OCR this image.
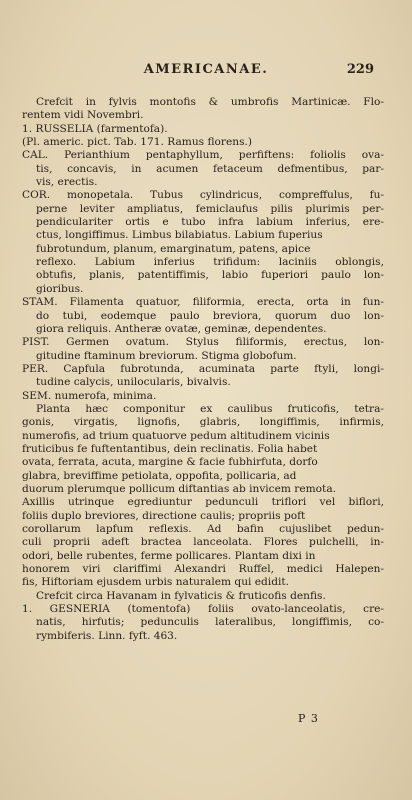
AMERICANAE.	229

Crefcit in fylvis montofis & umbrofis Martinicæ. Flo-

rentem vidi Novembri.

1. RUSSELIA (farmentofa).

(Pl. americ. pict. Tab. 171. Ramus florens.)

CAL. Perianthium pentaphyllum, perfiftens: foliolis ova-

tis, concavis, in acumen fetaceum defmentibus, par-

vis, erectis.

COR. monopetala. Tubus cylindricus, compreffulus, fu-

perne leviter ampliatus, femiclaufus pilis plurimis per-

pendiculariter ortis e tubo infra labium inferius, ere-

ctus, longiffimus. Limbus bilabiatus. Labium fuperius

fubrotundum, planum, emarginatum, patens, apice

reflexo. Labium inferius trifidum: laciniis oblongis,

obtufis, planis, patentiffimis, labio fuperiori paulo lon-

gioribus.

STAM. Filamenta quatuor, filiformia, erecta, orta in fun-

do tubi, eodemque paulo breviora, quorum duo lon-

giora reliquis. Antheræ ovatæ, geminæ, dependentes.

PIST. Germen ovatum. Stylus filiformis, erectus, lon-

gitudine ftaminum breviorum. Stigma globofum.

PER. Capfula fubrotunda, acuminata parte ftyli, longi-

tudine calycis, unilocularis, bivalvis.

SEM. numerofa, minima.

Planta hæc componitur ex caulibus fruticofis, tetra-

gonis, virgatis, lignofis, glabris, longiffimis, infirmis,

numerofis, ad trium quatuorve pedum altitudinem vicinis

fruticibus fe fuftentantibus, dein reclinatis. Folia habet

ovata, ferrata, acuta, margine & facie fubhirfuta, dorfo

glabra, breviffime petiolata, oppofita, pollicaria, ad

duorum plerumque pollicum diftantias ab invicem remota.

Axillis utrinque egrediuntur pedunculi triflori vel biflori,

foliis duplo breviores, directione caulis; propriis poft

corollarum lapfum reflexis. Ad bafin cujuslibet pedun-

culi proprii adeft bractea lanceolata. Flores pulchelli, in-

odori, belle rubentes, ferme pollicares. Plantam dixi in

honorem viri clariffimi Alexandri Ruffel, medici Halepen-

fis, Hiftoriam ejusdem urbis naturalem qui edidit.

Crefcit circa Havanam in fylvaticis & fruticofis denfis.

1. GESNERIA (tomentofa) foliis ovato-lanceolatis, cre-

natis, hirfutis; pedunculis lateralibus, longiffimis, co-

rymbiferis. Linn. fyft. 463.

P 3
